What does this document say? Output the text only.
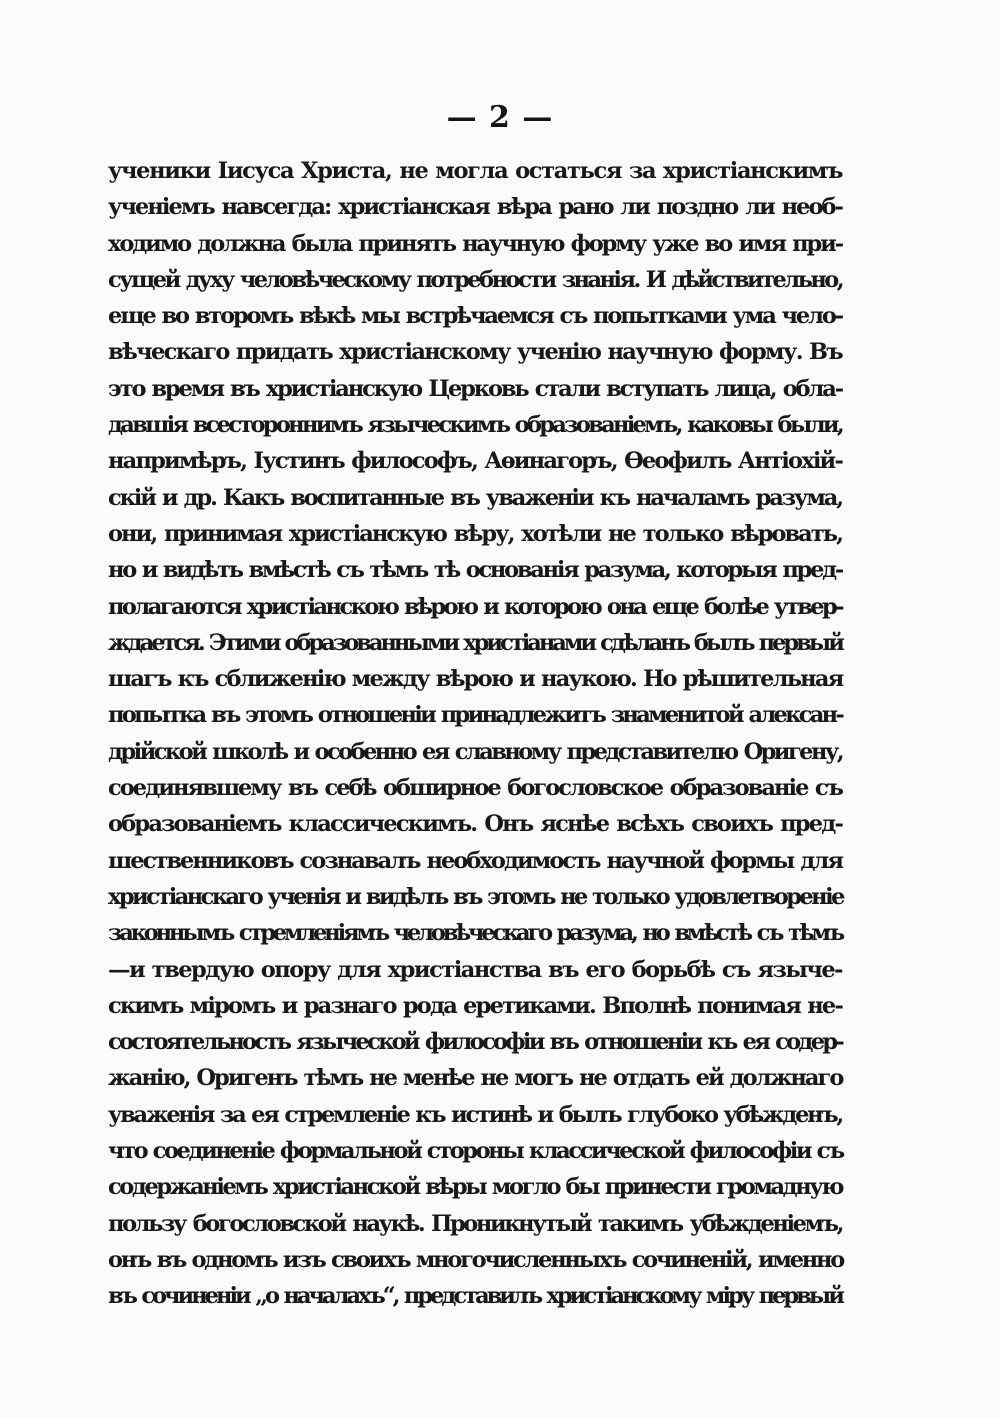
— 2 —
ученики Іисуса Христа, не могла остаться за христіанскимъ
ученіемъ навсегда: христіанская вѣра рано ли поздно ли необ-
ходимо должна была принять научную форму уже во имя при-
сущей духу человѣческому потребности знанія. И дѣйствительно,
еще во второмъ вѣкѣ мы встрѣчаемся съ попытками ума чело-
вѣческаго придать христіанскому ученію научную форму. Въ
это время въ христіанскую Церковь стали вступать лица, обла-
давшія всестороннимъ языческимъ образованіемъ, каковы были,
напримѣръ, Іустинъ философъ, Аѳинагоръ, Ѳеофилъ Антіохій-
скій и др. Какъ воспитанные въ уваженіи къ началамъ разума,
они, принимая христіанскую вѣру, хотѣли не только вѣровать,
но и видѣть вмѣстѣ съ тѣмъ тѣ основанія разума, которыя пред-
полагаются христіанскою вѣрою и которою она еще болѣе утвер-
ждается. Этими образованными христіанами сдѣланъ былъ первый
шагъ къ сближенію между вѣрою и наукою. Но рѣшительная
попытка въ этомъ отношеніи принадлежитъ знаменитой алексан-
дрійской школѣ и особенно ея славному представителю Оригену,
соединявшему въ себѣ обширное богословское образованіе съ
образованіемъ классическимъ. Онъ яснѣе всѣхъ своихъ пред-
шественниковъ сознавалъ необходимость научной формы для
христіанскаго ученія и видѣлъ въ этомъ не только удовлетвореніе
законнымъ стремленіямъ человѣческаго разума, но вмѣстѣ съ тѣмъ
—и твердую опору для христіанства въ его борьбѣ съ языче-
скимъ міромъ и разнаго рода еретиками. Вполнѣ понимая не-
состоятельность языческой философіи въ отношеніи къ ея содер-
жанію, Оригенъ тѣмъ не менѣе не могъ не отдать ей должнаго
уваженія за ея стремленіе къ истинѣ и былъ глубоко убѣжденъ,
что соединеніе формальной стороны классической философіи съ
содержаніемъ христіанской вѣры могло бы принести громадную
пользу богословской наукѣ. Проникнутый такимъ убѣжденіемъ,
онъ въ одномъ изъ своихъ многочисленныхъ сочиненій, именно
въ сочиненіи „о началахъ“, представилъ христіанскому міру первый
